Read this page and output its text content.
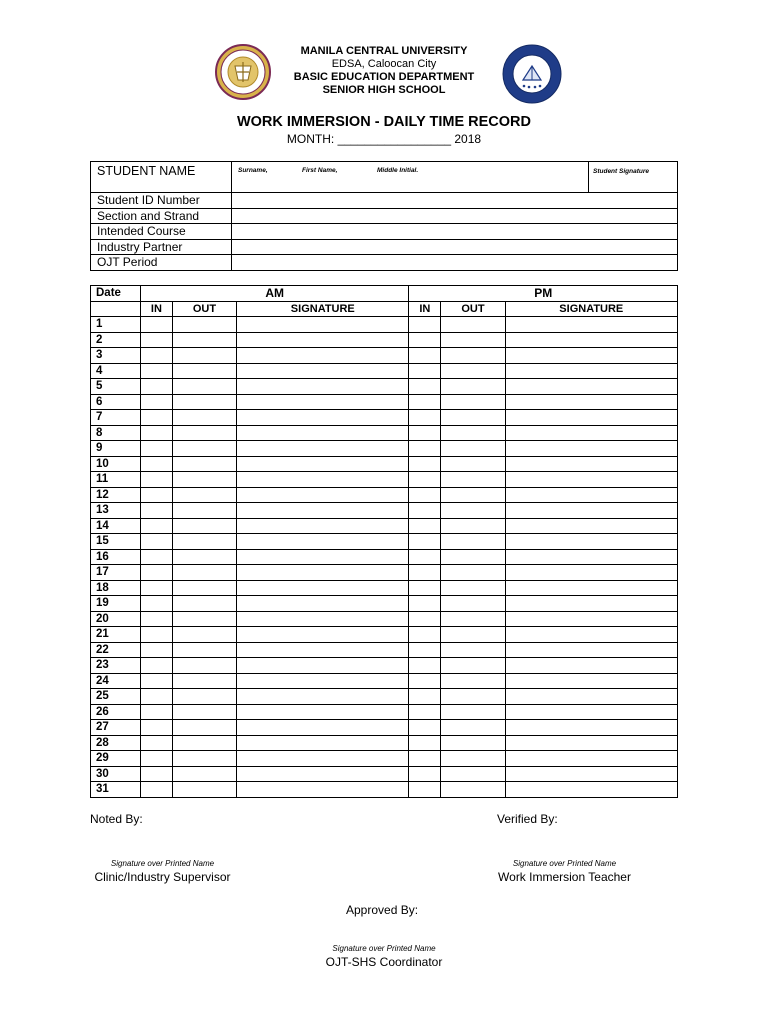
MANILA CENTRAL UNIVERSITY
EDSA, Caloocan City
BASIC EDUCATION DEPARTMENT
SENIOR HIGH SCHOOL
WORK IMMERSION - DAILY TIME RECORD
MONTH: _________________ 2018
STUDENT NAME	Surname, First Name, Middle Initial.	Student Signature
Student ID Number		
Section and Strand		
Intended Course		
Industry Partner		
OJT Period		
Date	AM			PM		
	IN	OUT	SIGNATURE	IN	OUT	SIGNATURE
1						
2						
3						
4						
5						
6						
7						
8						
9						
10						
11						
12						
13						
14						
15						
16						
17						
18						
19						
20						
21						
22						
23						
24						
25						
26						
27						
28						
29						
30						
31						
Noted By:	Verified By:
Signature over Printed Name
Clinic/Industry Supervisor
Signature over Printed Name
Work Immersion Teacher
Approved By:
Signature over Printed Name
OJT-SHS Coordinator
